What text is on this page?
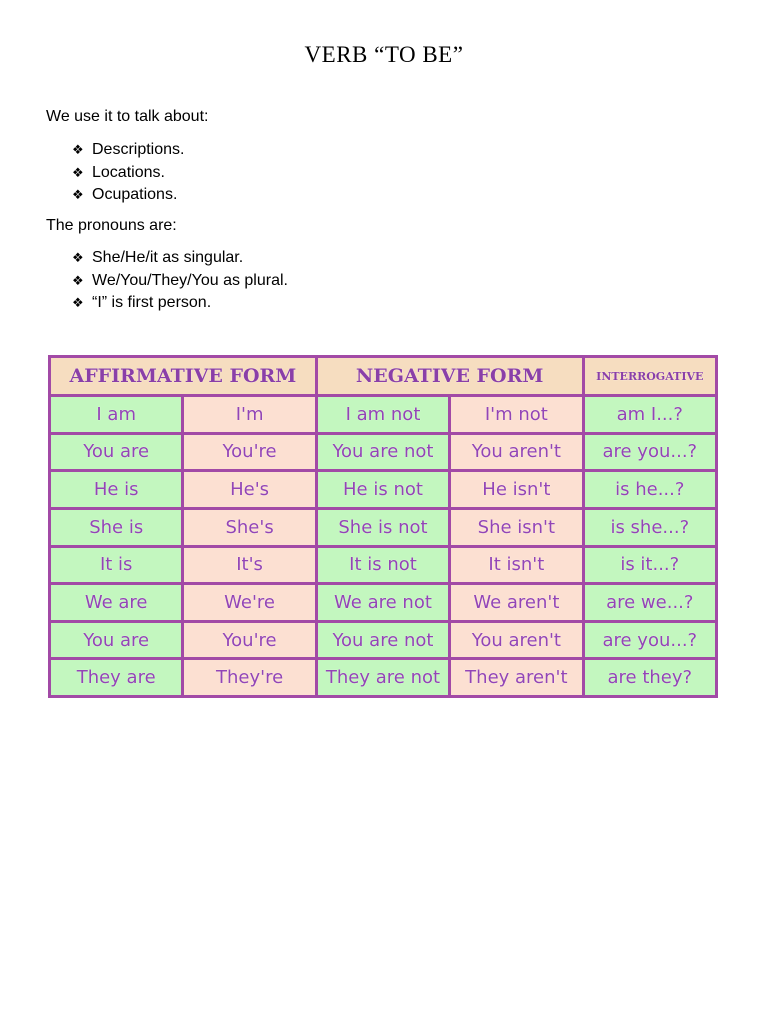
VERB “TO BE”
We use it to talk about:
❖ Descriptions.
❖ Locations.
❖ Ocupations.
The pronouns are:
❖ She/He/it as singular.
❖ We/You/They/You as plural.
❖ “I” is first person.
AFFIRMATIVE FORM		NEGATIVE FORM		INTERROGATIVE
I am	I'm	I am not	I'm not	am I...?
You are	You're	You are not	You aren't	are you...?
He is	He's	He is not	He isn't	is he...?
She is	She's	She is not	She isn't	is she...?
It is	It's	It is not	It isn't	is it...?
We are	We're	We are not	We aren't	are we...?
You are	You're	You are not	You aren't	are you...?
They are	They're	They are not	They aren't	are they?
